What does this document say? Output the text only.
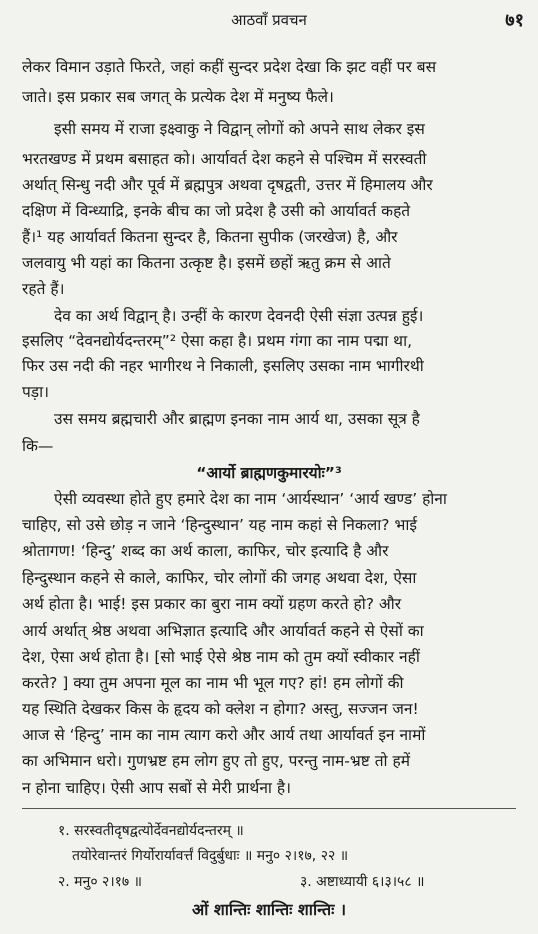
आठवाँ प्रवचन	७१
लेकर विमान उड़ाते फिरते, जहां कहीं सुन्दर प्रदेश देखा कि झट वहीं पर बस
जाते। इस प्रकार सब जगत् के प्रत्येक देश में मनुष्य फैले।
इसी समय में राजा इक्ष्वाकु ने विद्वान् लोगों को अपने साथ लेकर इस
भरतखण्ड में प्रथम बसाहत को। आर्यावर्त देश कहने से पश्चिम में सरस्वती
अर्थात् सिन्धु नदी और पूर्व में ब्रह्मपुत्र अथवा दृषद्वती, उत्तर में हिमालय और
दक्षिण में विन्ध्याद्रि, इनके बीच का जो प्रदेश है उसी को आर्यावर्त कहते
हैं।¹ यह आर्यावर्त कितना सुन्दर है, कितना सुपीक (जरखेज) है, और
जलवायु भी यहां का कितना उत्कृष्ट है। इसमें छहों ऋतु क्रम से आते
रहते हैं।
देव का अर्थ विद्वान् है। उन्हीं के कारण देवनदी ऐसी संज्ञा उत्पन्न हुई।
इसलिए “देवनद्योर्यदन्तरम्”² ऐसा कहा है। प्रथम गंगा का नाम पद्मा था,
फिर उस नदी की नहर भागीरथ ने निकाली, इसलिए उसका नाम भागीरथी
पड़ा।
उस समय ब्रह्मचारी और ब्राह्मण इनका नाम आर्य था, उसका सूत्र है
कि—
“आर्यो ब्राह्मणकुमारयोः”³
ऐसी व्यवस्था होते हुए हमारे देश का नाम ‘आर्यस्थान’ ‘आर्य खण्ड’ होना
चाहिए, सो उसे छोड़ न जाने ‘हिन्दुस्थान’ यह नाम कहां से निकला? भाई
श्रोतागण! ‘हिन्दु’ शब्द का अर्थ काला, काफिर, चोर इत्यादि है और
हिन्दुस्थान कहने से काले, काफिर, चोर लोगों की जगह अथवा देश, ऐसा
अर्थ होता है। भाई! इस प्रकार का बुरा नाम क्यों ग्रहण करते हो? और
आर्य अर्थात् श्रेष्ठ अथवा अभिज्ञात इत्यादि और आर्यावर्त कहने से ऐसों का
देश, ऐसा अर्थ होता है। [सो भाई ऐसे श्रेष्ठ नाम को तुम क्यों स्वीकार नहीं
करते? ] क्या तुम अपना मूल का नाम भी भूल गए? हां! हम लोगों की
यह स्थिति देखकर किस के हृदय को क्लेश न होगा? अस्तु, सज्जन जन!
आज से ‘हिन्दु’ नाम का नाम त्याग करो और आर्य तथा आर्यावर्त इन नामों
का अभिमान धरो। गुणभ्रष्ट हम लोग हुए तो हुए, परन्तु नाम-भ्रष्ट तो हमें
न होना चाहिए। ऐसी आप सबों से मेरी प्रार्थना है।
१. सरस्वतीदृषद्वत्योर्देवनद्योर्यदन्तरम् ॥
तयोरेवान्तरं गिर्योरार्यावर्त्तं विदुर्बुधाः ॥ मनु० २।१७, २२ ॥
२. मनु० २।१७ ॥	३. अष्टाध्यायी ६।३।५८ ॥
ओं शान्तिः शान्तिः शान्तिः ।
